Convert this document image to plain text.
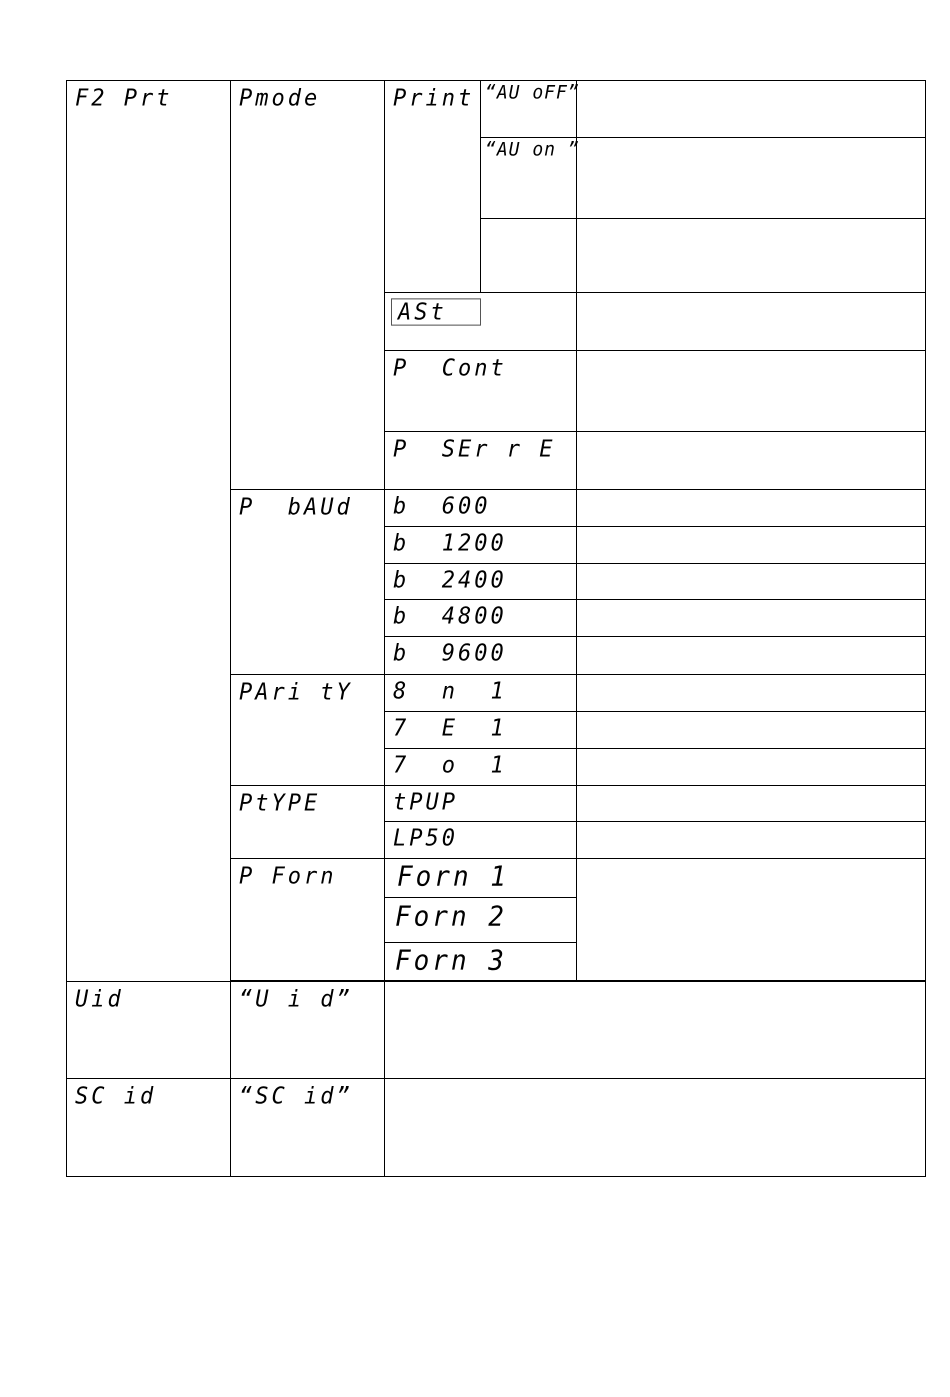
F2 Prt	Pmode	Print	“AU oFF”	
			“AU on ”	

		ASt		
		P  Cont		
		P  SEr r E		
	P  bAUd	b  600		
		b  1200		
		b  2400		
		b  4800		
		b  9600		
	PAri tY	8  n  1		
		7  E  1		
		7  o  1		
	PtYPE	tPUP		
		LP50		
	P Forn	Forn 1		
		Forn 2		
		Forn 3		

Uid	“U i d”			
SC id	“SC id”			
